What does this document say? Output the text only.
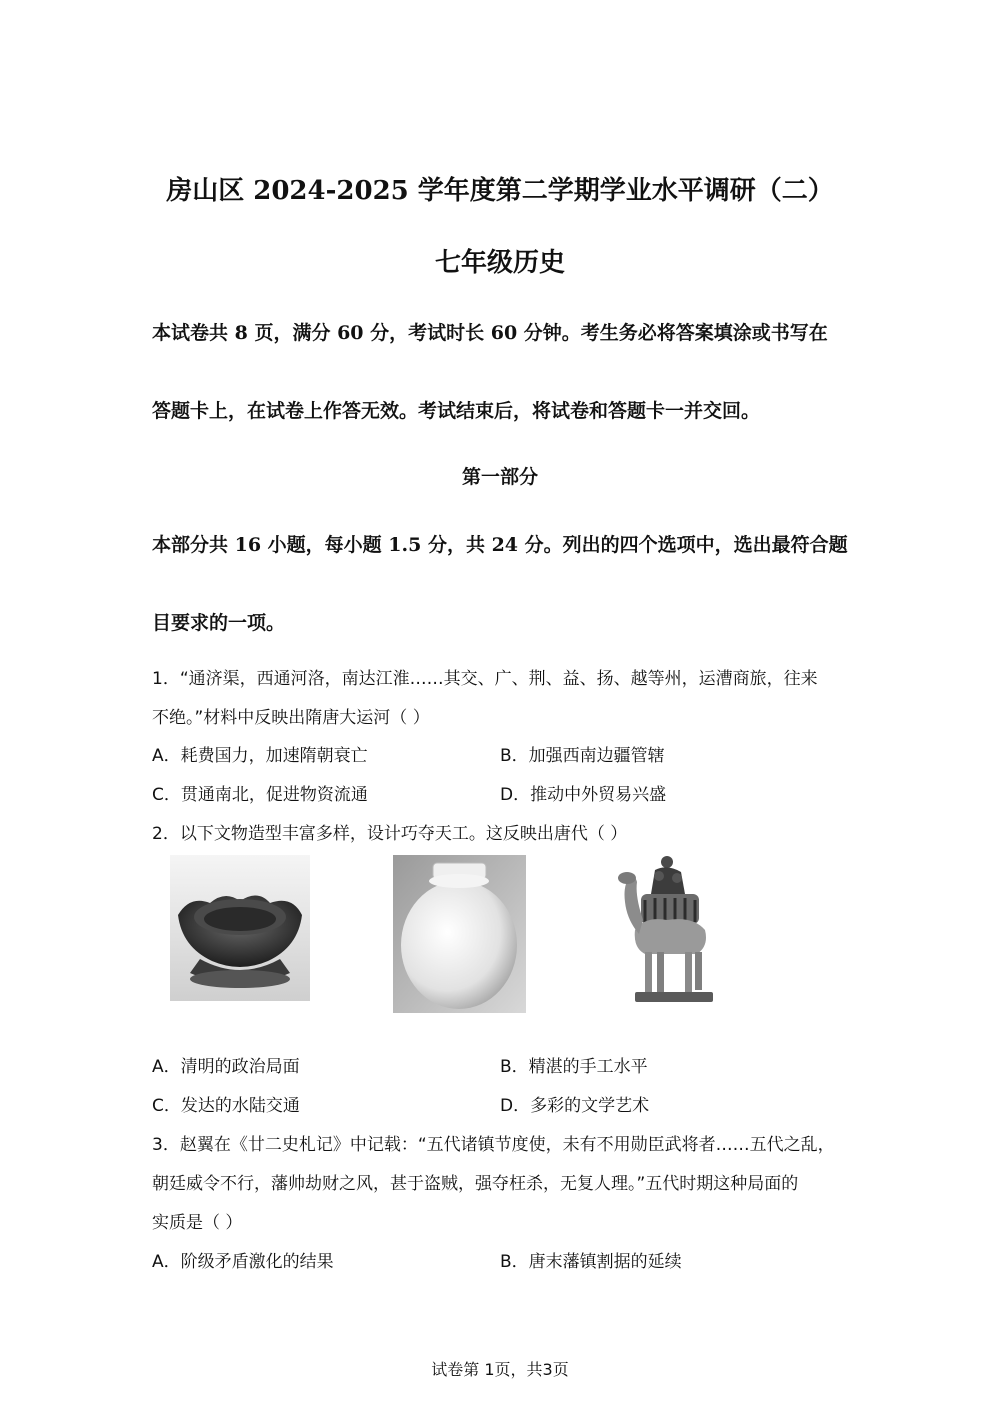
房山区 2024-2025 学年度第二学期学业水平调研（二）
七年级历史
本试卷共 8 页，满分 60 分，考试时长 60 分钟。考生务必将答案填涂或书写在
答题卡上，在试卷上作答无效。考试结束后，将试卷和答题卡一并交回。
第一部分
本部分共 16 小题，每小题 1.5 分，共 24 分。列出的四个选项中，选出最符合题
目要求的一项。
1．“通济渠，西通河洛，南达江淮……其交、广、荆、益、扬、越等州，运漕商旅，往来
不绝。”材料中反映出隋唐大运河（ ）
A．耗费国力，加速隋朝衰亡	B．加强西南边疆管辖
C．贯通南北，促进物资流通	D．推动中外贸易兴盛
2．以下文物造型丰富多样，设计巧夺天工。这反映出唐代（ ）
A．清明的政治局面	B．精湛的手工水平
C．发达的水陆交通	D．多彩的文学艺术
3．赵翼在《廿二史札记》中记载：“五代诸镇节度使，未有不用勋臣武将者……五代之乱，
朝廷威令不行，藩帅劫财之风，甚于盗贼，强夺枉杀，无复人理。”五代时期这种局面的
实质是（ ）
A．阶级矛盾激化的结果	B．唐末藩镇割据的延续
试卷第 1页，共3页
